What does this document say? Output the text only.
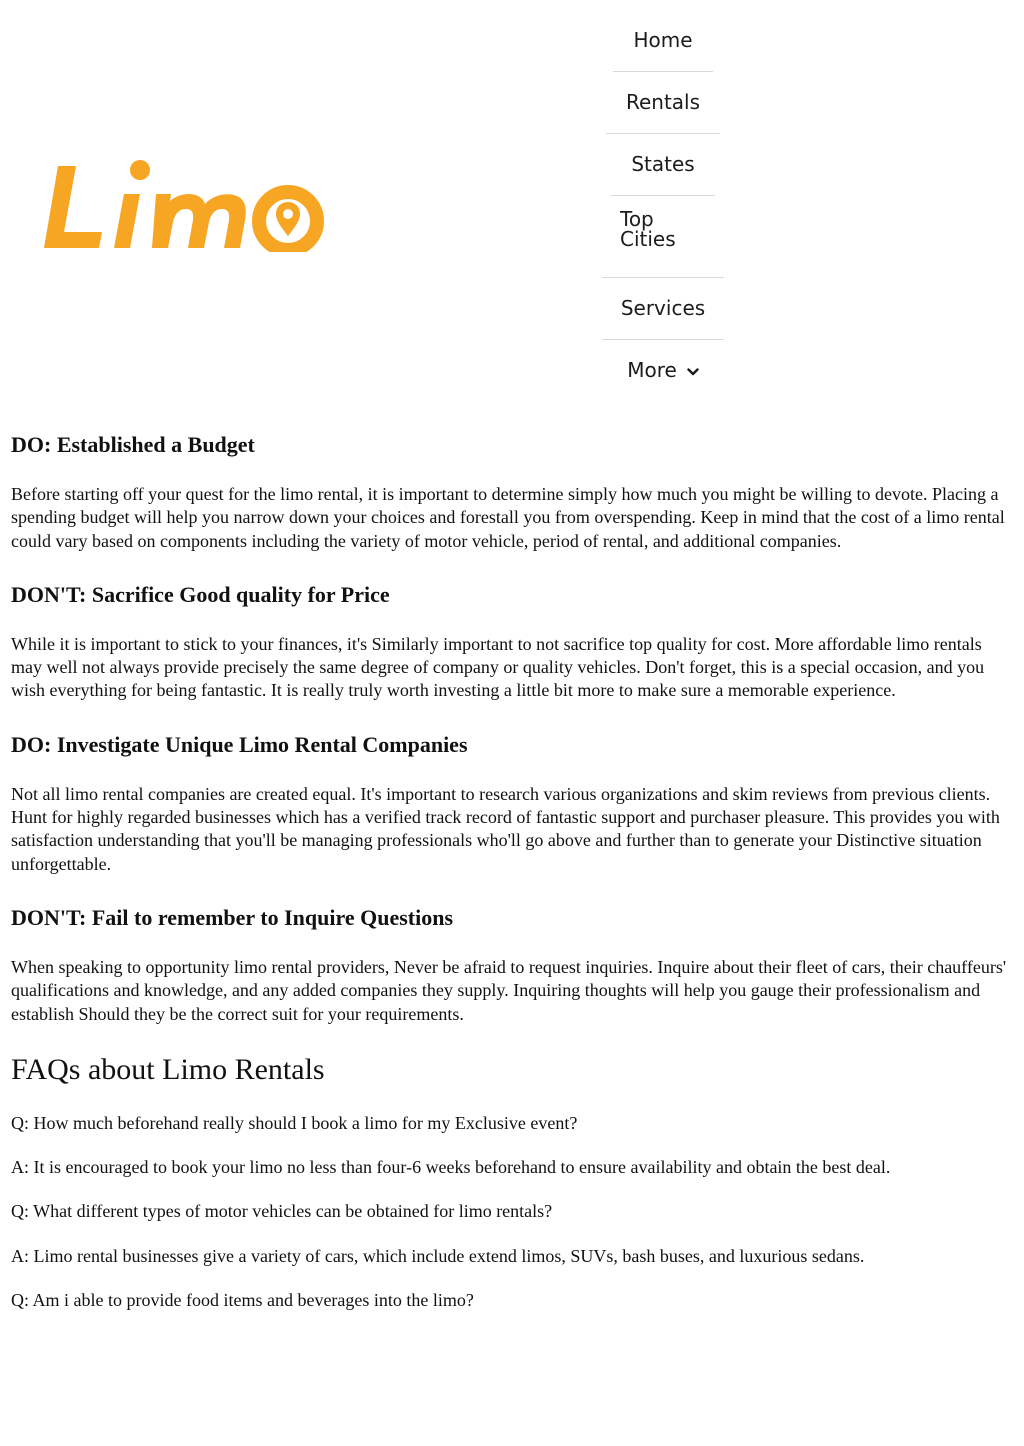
Home
Rentals
States
Top
Cities
Services
More
DO: Established a Budget

Before starting off your quest for the limo rental, it is important to determine simply how much you might be willing to devote. Placing a spending budget will help you narrow down your choices and forestall you from overspending. Keep in mind that the cost of a limo rental could vary based on components including the variety of motor vehicle, period of rental, and additional companies.

DON'T: Sacrifice Good quality for Price

While it is important to stick to your finances, it's Similarly important to not sacrifice top quality for cost. More affordable limo rentals may well not always provide precisely the same degree of company or quality vehicles. Don't forget, this is a special occasion, and you wish everything for being fantastic. It is really truly worth investing a little bit more to make sure a memorable experience.

DO: Investigate Unique Limo Rental Companies

Not all limo rental companies are created equal. It's important to research various organizations and skim reviews from previous clients. Hunt for highly regarded businesses which has a verified track record of fantastic support and purchaser pleasure. This provides you with satisfaction understanding that you'll be managing professionals who'll go above and further than to generate your Distinctive situation unforgettable.

DON'T: Fail to remember to Inquire Questions

When speaking to opportunity limo rental providers, Never be afraid to request inquiries. Inquire about their fleet of cars, their chauffeurs' qualifications and knowledge, and any added companies they supply. Inquiring thoughts will help you gauge their professionalism and establish Should they be the correct suit for your requirements.

FAQs about Limo Rentals

Q: How much beforehand really should I book a limo for my Exclusive event?

A: It is encouraged to book your limo no less than four-6 weeks beforehand to ensure availability and obtain the best deal.

Q: What different types of motor vehicles can be obtained for limo rentals?

A: Limo rental businesses give a variety of cars, which include extend limos, SUVs, bash buses, and luxurious sedans.

Q: Am i able to provide food items and beverages into the limo?
